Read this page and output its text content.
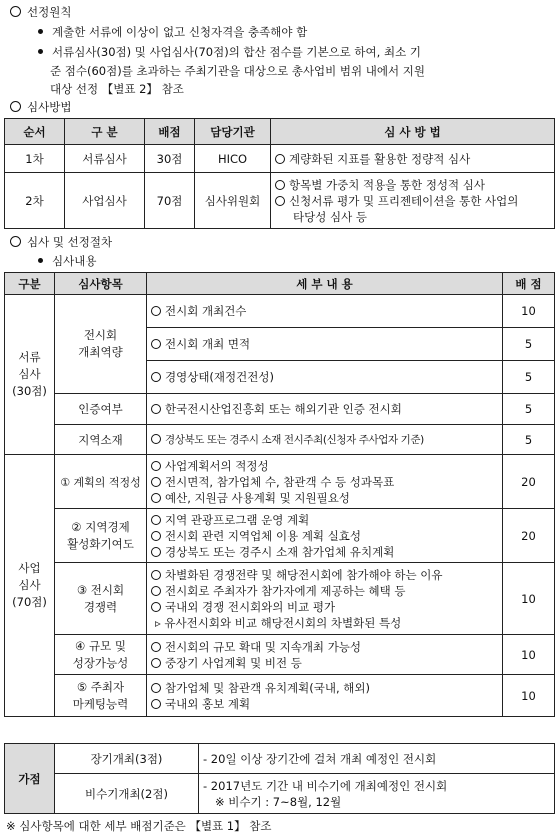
선정원칙
계출한 서류에 이상이 없고 신청자격을 충족해야 함
서류심사(30점) 및 사업심사(70점)의 합산 점수를 기본으로 하여, 최소 기
준 점수(60점)를 초과하는 주최기관을 대상으로 총사업비 범위 내에서 지원
대상 선정 【별표 2】 참조
심사방법
순서	구 분	배점	담당기관	심 사 방 법
1차	서류심사	30점	HICO	계량화된 지표를 활용한 정량적 심사

2차	사업심사	70점	심사위원회	항목별 가중치 적용을 통한 정성적 심사
신청서류 평가 및 프리젠테이션을 통한 사업의
타당성 심사 등
심사 및 선정절차
심사내용
구분	심사항목	세 부 내 용	배 점
서류
심사
(30점)	전시회
개최역량	전시회 개최건수	10
		전시회 개최 면적	5
		경영상태(재정건전성)	5
	인증여부	한국전시산업진흥회 또는 해외기관 인증 전시회	5
	지역소재	경상북도 또는 경주시 소재 전시주최(신청자 주사업자 기준)	5
사업
심사
(70점)	① 계획의 적정성	사업계획서의 적정성
전시면적, 참가업체 수, 참관객 수 등 성과목표
예산, 지원금 사용계획 및 지원필요성	20
	② 지역경제
활성화기여도	지역 관광프로그램 운영 계획
전시회 관련 지역업체 이용 계획 실효성
경상북도 또는 경주시 소재 참가업체 유치계획	20
	③ 전시회
경쟁력	차별화된 경쟁전략 및 해당전시회에 참가해야 하는 이유
전시회로 주최자가 참가자에게 제공하는 혜택 등
국내외 경쟁 전시회와의 비교 평가
▹ 유사전시회와 비교 해당전시회의 차별화된 특성	10
	④ 규모 및
성장가능성	전시회의 규모 확대 및 지속개최 가능성
중장기 사업계획 및 비전 등	10
	⑤ 주최자
마케팅능력	참가업체 및 참관객 유치계획(국내, 해외)
국내외 홍보 계획	10
가점	장기개최(3점)	- 20일 이상 장기간에 걸쳐 개최 예정인 전시회
	비수기개최(2점)	- 2017년도 기간 내 비수기에 개최예정인 전시회
※ 비수기 : 7~8월, 12월
※ 심사항목에 대한 세부 배점기준은 【별표 1】 참조
